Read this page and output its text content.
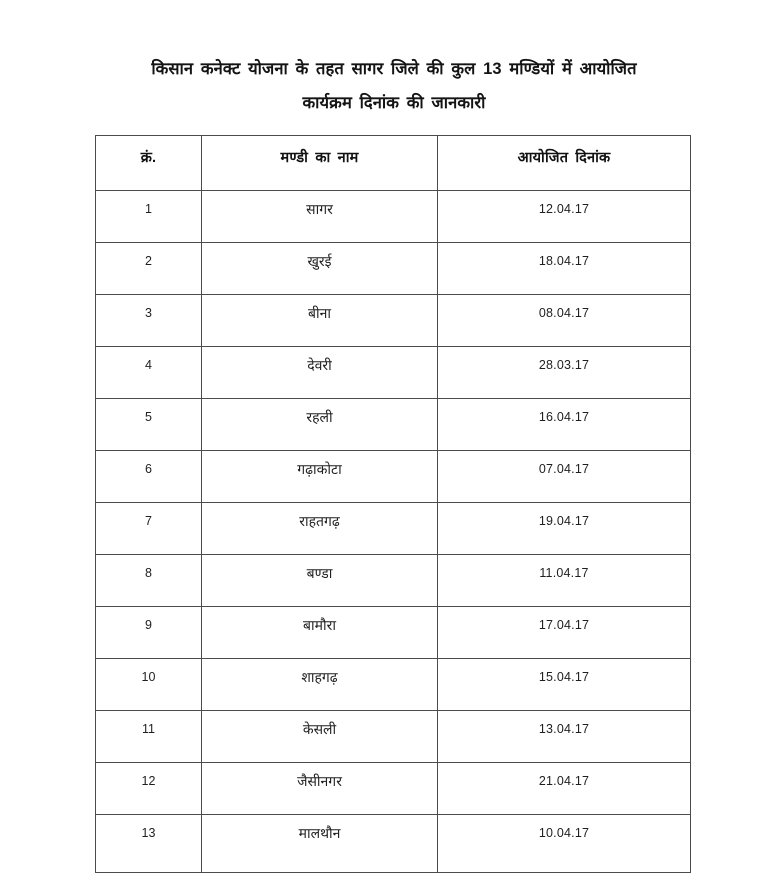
किसान कनेक्ट योजना के तहत सागर जिले की कुल 13 मण्डियों में आयोजित
कार्यक्रम दिनांक की जानकारी
क्रं.	मण्डी का नाम	आयोजित दिनांक

1	सागर	12.04.17

2	खुरई	18.04.17

3	बीना	08.04.17

4	देवरी	28.03.17

5	रहली	16.04.17

6	गढ़ाकोटा	07.04.17

7	राहतगढ़	19.04.17

8	बण्डा	11.04.17

9	बामौरा	17.04.17

10	शाहगढ़	15.04.17

11	केसली	13.04.17

12	जैसीनगर	21.04.17

13	मालथौन	10.04.17
